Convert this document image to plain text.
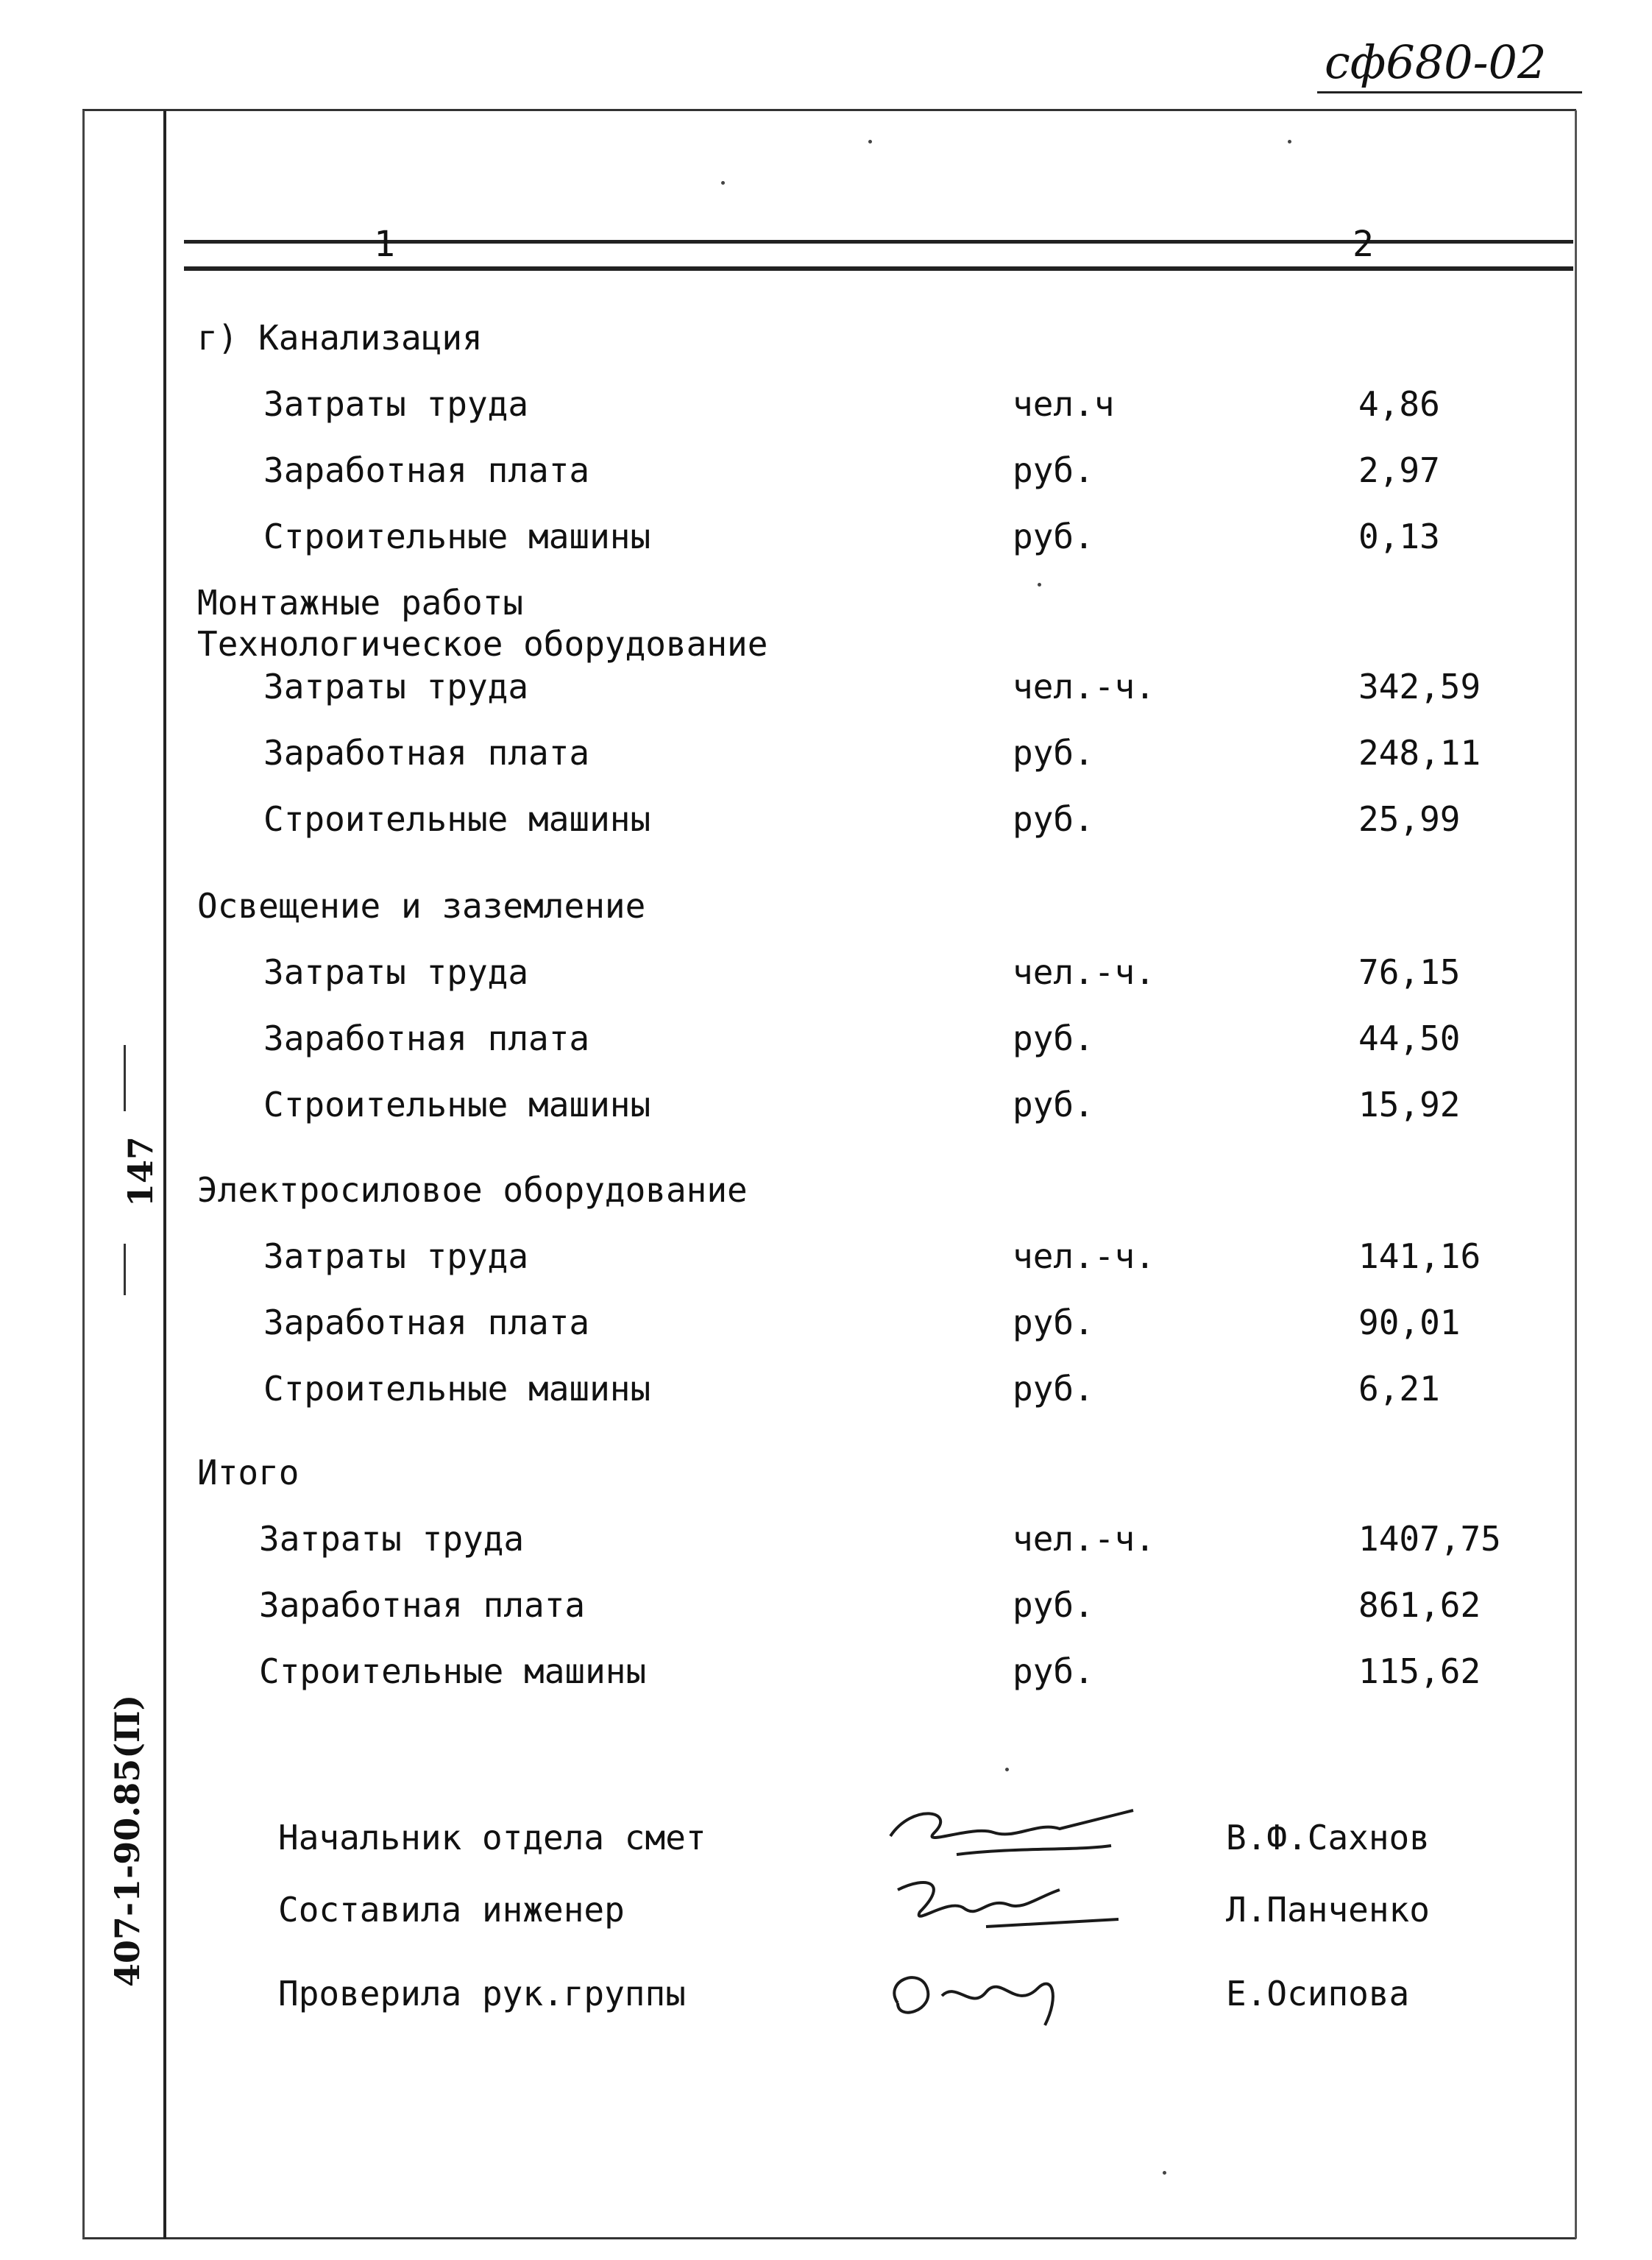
сф680-02
1	2
147
407-1-90.85(П)
г) Канализация
Затраты труда	чел.ч	4,86
Заработная плата	руб.	2,97
Строительные машины	руб.	0,13
Монтажные работы
Технологическое оборудование
Затраты труда	чел.-ч.	342,59
Заработная плата	руб.	248,11
Строительные машины	руб.	25,99
Освещение и заземление
Затраты труда	чел.-ч.	76,15
Заработная плата	руб.	44,50
Строительные машины	руб.	15,92
Электросиловое оборудование
Затраты труда	чел.-ч.	141,16
Заработная плата	руб.	90,01
Строительные машины	руб.	6,21
Итого
Затраты труда	чел.-ч.	1407,75
Заработная плата	руб.	861,62
Строительные машины	руб.	115,62
Начальник отдела смет	В.Ф.Сахнов
Составила инженер	Л.Панченко
Проверила рук.группы	Е.Осипова
